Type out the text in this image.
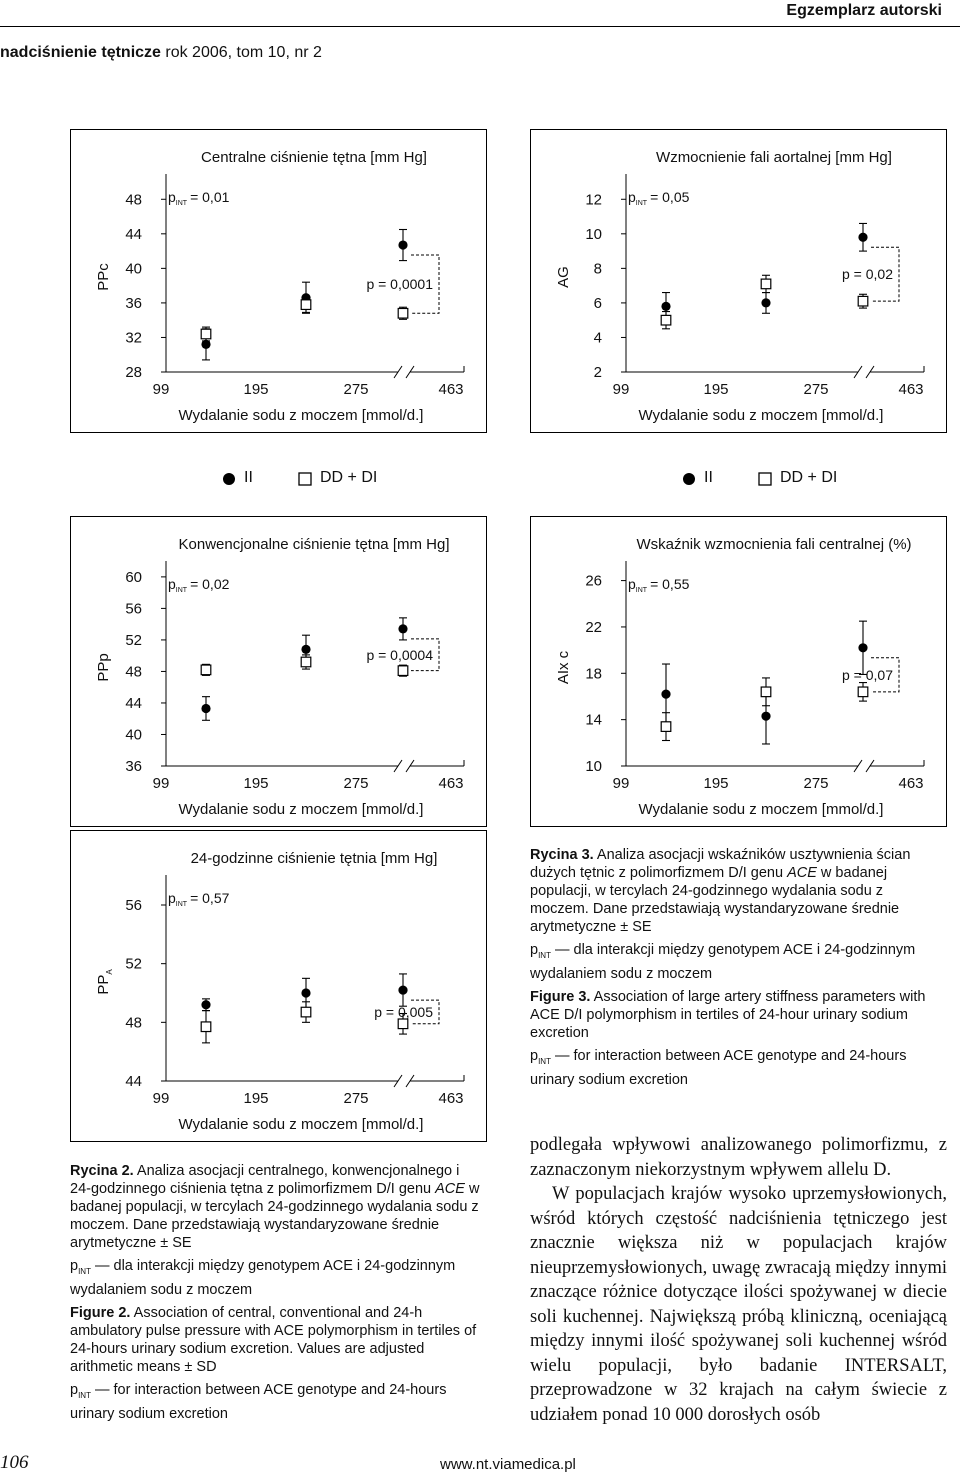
Egzemplarz autorski
nadciśnienie tętnicze rok 2006, tom 10, nr 2
Centralne ciśnienie tętna [mm Hg]
PPc
28
32
36
40
44
48
99	195	275	463
Wydalanie sodu z moczem [mmol/d.]
$p_{INT} = 0,01$
p = 0,0001
Wzmocnienie fali aortalnej [mm Hg]
AG
2
4
6
8
10
12
99	195	275	463
Wydalanie sodu z moczem [mmol/d.]
$p_{INT} = 0,05$
p = 0,02
Konwencjonalne ciśnienie tętna [mm Hg]
PPp
36
40
44
48
52
56
60
99	195	275	463
Wydalanie sodu z moczem [mmol/d.]
$p_{INT} = 0,02$
p = 0,0004
Wskaźnik wzmocnienia fali centralnej (%)
AIx c
10
14
18
22
26
99	195	275	463
Wydalanie sodu z moczem [mmol/d.]
$p_{INT} = 0,55$
p = 0,07
24-godzinne ciśnienie tętnia [mm Hg]
$PP_A$
44
48
52
56
99	195	275	463
Wydalanie sodu z moczem [mmol/d.]
$p_{INT} = 0,57$
p = 0,005
II	DD + DI	II	DD + DI

Rycina 3. Analiza asocjacji wskaźników usztywnienia ścian dużych tętnic z polimorfizmem D/I genu ACE w badanej populacji, w tercylach 24-godzinnego wydalania sodu z moczem. Dane przedstawiają wystandaryzowane średnie arytmetyczne ± SE

$p_{INT}$ — dla interakcji między genotypem ACE i 24-godzinnym wydalaniem sodu z moczem

Figure 3. Association of large artery stiffness parameters with ACE D/I polymorphism in tertiles of 24-hour urinary sodium excretion

$p_{INT}$ — for interaction between ACE genotype and 24-hours urinary sodium excretion

Rycina 2. Analiza asocjacji centralnego, konwencjonalnego i 24-godzinnego ciśnienia tętna z polimorfizmem D/I genu ACE w badanej populacji, w tercylach 24-godzinnego wydalania sodu z moczem. Dane przedstawiają wystandaryzowane średnie arytmetyczne ± SE

$p_{INT}$ — dla interakcji między genotypem ACE i 24-godzinnym wydalaniem sodu z moczem

Figure 2. Association of central, conventional and 24-h ambulatory pulse pressure with ACE polymorphism in tertiles of 24-hours urinary sodium excretion. Values are adjusted arithmetic means ± SD

$p_{INT}$ — for interaction between ACE genotype and 24-hours urinary sodium excretion

podlegała wpływowi analizowanego polimorfizmu, z zaznaczonym niekorzystnym wpływem allelu D.

W populacjach krajów wysoko uprzemysłowionych, wśród których częstość nadciśnienia tętniczego jest znacznie większa niż w populacjach krajów nieuprzemysłowionych, uwagę zwracają między innymi znaczące różnice dotyczące ilości spożywanej w diecie soli kuchennej. Największą próbą kliniczną, oceniającą między innymi ilość spożywanej soli kuchennej wśród wielu populacji, było badanie INTERSALT, przeprowadzone w 32 krajach na całym świecie z udziałem ponad 10 000 dorosłych osób

106	www.nt.viamedica.pl
